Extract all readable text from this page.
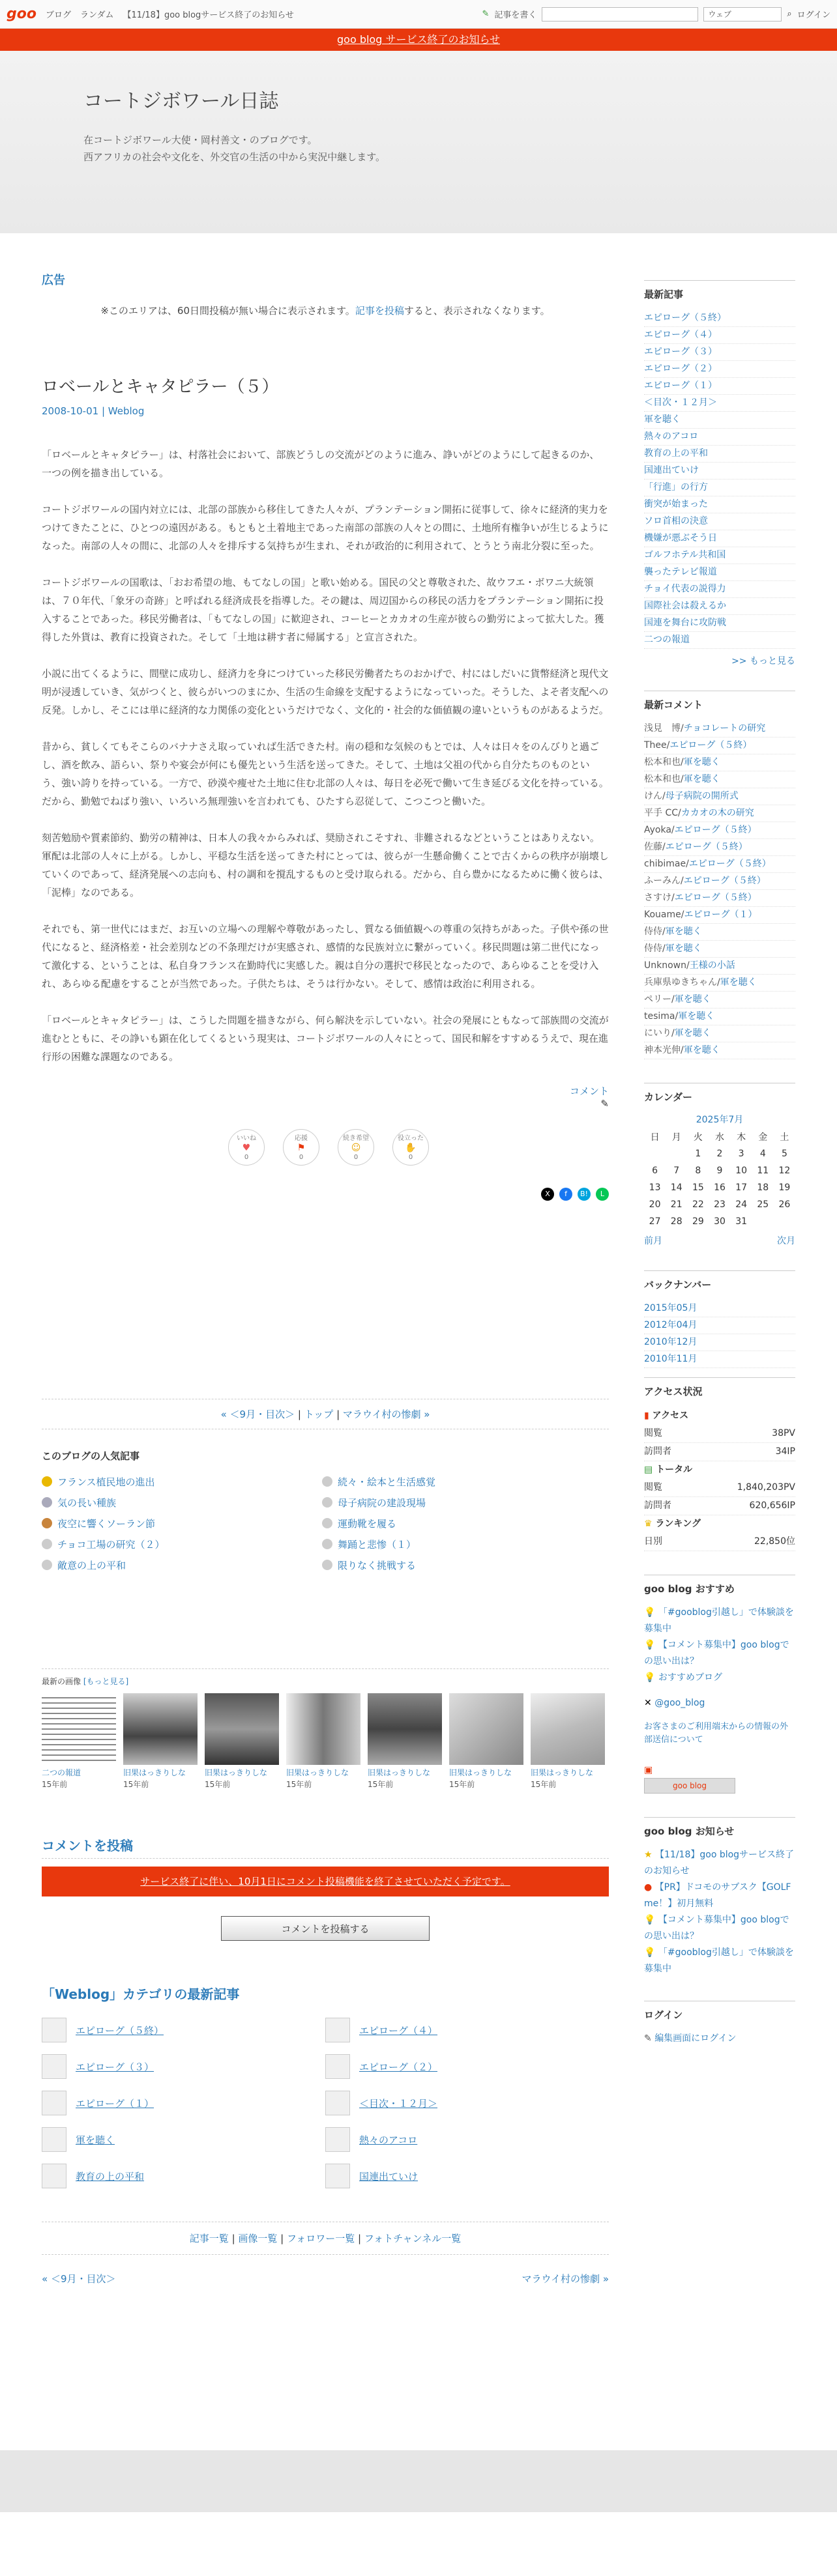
goo ブログ ランダム 【11/18】goo blogサービス終了のお知らせ	✎ 記事を書く	ウェブ	⌕ ログイン
goo blog サービス終了のお知らせ
コートジボワール日誌
在コートジボワール大使・岡村善文・のブログです。
西アフリカの社会や文化を、外交官の生活の中から実況中継します。
広告
※このエリアは、60日間投稿が無い場合に表示されます。記事を投稿すると、表示されなくなります。
ロベールとキャタピラー（５）
2008-10-01 | Weblog

「ロベールとキャタピラー」は、村落社会において、部族どうしの交流がどのように進み、諍いがどのようにして起きるのか、一つの例を描き出している。

コートジボワールの国内対立には、北部の部族から移住してきた人々が、プランテーション開拓に従事して、徐々に経済的実力をつけてきたことに、ひとつの遠因がある。もともと土着地主であった南部の部族の人々との間に、土地所有権争いが生じるようになった。南部の人々の間に、北部の人々を排斥する気持ちが生まれ、それが政治的に利用されて、とうとう南北分裂に至った。

コートジボワールの国歌は、「おお希望の地、もてなしの国」と歌い始める。国民の父と尊敬された、故ウフエ・ボワニ大統領は、７０年代、「象牙の奇跡」と呼ばれる経済成長を指導した。その鍵は、周辺国からの移民の活力をプランテーション開拓に投入することであった。移民労働者は、「もてなしの国」に歓迎され、コーヒーとカカオの生産が彼らの勤労によって拡大した。獲得した外貨は、教育に投資された。そして「土地は耕す者に帰属する」と宣言された。

小説に出てくるように、間壁に成功し、経済力を身につけていった移民労働者たちのおかげで、村にはしだいに貨幣経済と現代文明が浸透していき、気がつくと、彼らがいつのまにか、生活の生命線を支配するようになっていった。そうした、よそ者支配への反発。しかし、そこには単に経済的な力関係の変化というだけでなく、文化的・社会的な価値観の違いというものがあるようだ。

昔から、貧しくてもそこらのバナナさえ取っていれば生活できた村。南の穏和な気候のもとでは、人々は日々をのんびりと過ごし、酒を飲み、語らい、祭りや宴会が何にも優先という生活を送ってきた。そして、土地は父祖の代から自分たちのものという、強い誇りを持っている。一方で、砂漠や痩せた土地に住む北部の人々は、毎日を必死で働いて生き延びる文化を持っている。だから、勤勉でねばり強い、いろいろ無理強いを言われても、ひたすら忍従して、こつこつと働いた。

刻苦勉励や質素節約、勤労の精神は、日本人の我々からみれば、奨励されこそすれ、非難されるなどということはありえない。軍配は北部の人々に上がる。しかし、平穏な生活を送ってきた村にとっては、彼らが一生懸命働くことで古くからの秩序が崩壊していくのであって、経済発展への志向も、村の調和を撹乱するものと受け取られる。だから、自ら豊かになるために働く彼らは、「泥棒」なのである。

それでも、第一世代にはまだ、お互いの立場への理解や尊敬があったし、質なる価値観への尊重の気持ちがあった。子供や孫の世代になると、経済格差・社会差別などの不条理だけが実感され、感情的な民族対立に繋がっていく。移民問題は第二世代になって激化する、ということは、私自身フランス在勤時代に実感した。親は自分の選択で移民となったので、あらゆることを受け入れ、あらゆる配慮をすることが当然であった。子供たちは、そうは行かない。そして、感情は政治に利用される。

「ロベールとキャタピラー」は、こうした問題を描きながら、何ら解決を示していない。社会の発展にともなって部族間の交流が進むとともに、その諍いも顕在化してくるという現実は、コートジボワールの人々にとって、国民和解をすすめるうえで、現在進行形の困難な課題なのである。

コメント
✎
いいね
♥
0
応援
⚑
0
続き希望
☺
0
役立った
✋
0
X	f	B!	L
« ＜9月・目次＞ | トップ | マラウイ村の惨劇 »
このブログの人気記事
フランス植民地の進出	続々・絵本と生活感覚
気の長い種族	母子病院の建設現場
夜空に響くソーラン節	運動靴を履る
チョコ工場の研究（２）	舞踊と悲惨（１）
敵意の上の平和	限りなく挑戦する
最新の画像 [もっと見る]
二つの報道
15年前
旧果はっきりしな
15年前
旧果はっきりしな
15年前
旧果はっきりしな
15年前
旧果はっきりしな
15年前
旧果はっきりしな
15年前
旧果はっきりしな
15年前
コメントを投稿
サービス終了に伴い、10月1日にコメント投稿機能を終了させていただく予定です。
コメントを投稿する
「Weblog」カテゴリの最新記事
エピローグ（５終）	エピローグ（４）
エピローグ（３）	エピローグ（２）
エピローグ（１）	＜目次・１２月＞
軍を聴く	熱々のアコロ
教育の上の平和	国連出ていけ
記事一覧 | 画像一覧 | フォロワー一覧 | フォトチャンネル一覧
« ＜9月・目次＞	マラウイ村の惨劇 »
最新記事
エピローグ（５終）
エピローグ（４）
エピローグ（３）
エピローグ（２）
エピローグ（１）
＜目次・１２月＞
軍を聴く
熱々のアコロ
教育の上の平和
国連出ていけ
「行進」の行方
衝突が始まった
ソロ首相の決意
機嫌が悪ぶそう日
ゴルフホテル共和国
襲ったテレビ報道
チョイ代表の説得力
国際社会は殺えるか
国連を舞台に攻防戦
二つの報道
>> もっと見る
最新コメント
浅見　博/チョコレートの研究
Thee/エピローグ（５終）
松本和也/軍を聴く
松本和也/軍を聴く
けん/母子病院の開所式
平手 CC/カカオの木の研究
Ayoka/エピローグ（５終）
佐藤/エピローグ（５終）
chibimae/エピローグ（５終）
ふーみん/エピローグ（５終）
さすけ/エピローグ（５終）
Kouame/エピローグ（１）
侍侍/軍を聴く
侍侍/軍を聴く
Unknown/王様の小話
兵庫県ゆきちゃん/軍を聴く
ペリー/軍を聴く
tesima/軍を聴く
にいり/軍を聴く
神本光伸/軍を聴く
カレンダー
2025年7月
日	月	火	水	木	金	土
		1	2	3	4	5
6	7	8	9	10	11	12
13	14	15	16	17	18	19
20	21	22	23	24	25	26
27	28	29	30	31		
前月	次月
バックナンバー
2015年05月
2012年04月
2010年12月
2010年11月
アクセス状況
▮ アクセス
閲覧	38PV
訪問者	34IP
▤ トータル
閲覧	1,840,203PV
訪問者	620,656IP
♛ ランキング
日別	22,850位
goo blog おすすめ
💡 「#gooblog引越し」で体験談を募集中
💡 【コメント募集中】goo blogでの思い出は？
💡 おすすめブログ
✕ @goo_blog
お客さまのご利用端末からの情報の外部送信について
▣
goo blog
goo blog お知らせ
★ 【11/18】goo blogサービス終了のお知らせ
● 【PR】ドコモのサブスク【GOLF me！】初月無料
💡 【コメント募集中】goo blogでの思い出は？
💡 「#gooblog引越し」で体験談を募集中
ログイン
✎ 編集画面にログイン
